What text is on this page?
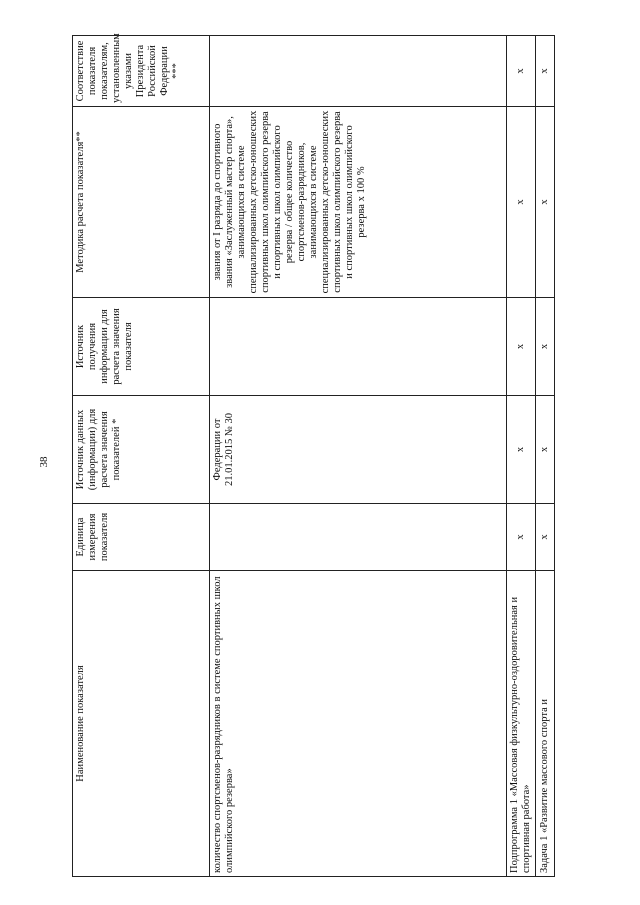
38
Наименование показателя	Единица измерения показателя	Источник данных (информации) для расчета значения показателей *	Источник получения информации для расчета значения показателя	Методика расчета показателя**	Соответствие показателя показателям, установленным указами Президента Российской Федерации ***
количество спортсменов-разрядников в системе спортивных школ олимпийского резерва»		Федерации от 21.01.2015 № 30		звания от I разряда до спортивного звания «Заслуженный мастер спорта», занимающихся в системе специализированных детско-юношеских спортивных школ олимпийского резерва и спортивных школ олимпийского резерва / общее количество спортсменов-разрядников, занимающихся в системе специализированных детско-юношеских спортивных школ олимпийского резерва и спортивных школ олимпийского резерва x 100 %	
Подпрограмма 1 «Массовая физкультурно-оздоровительная и спортивная работа»	x	x	x	x	x
Задача 1 «Развитие массового спорта и	x	x	x	x	x
